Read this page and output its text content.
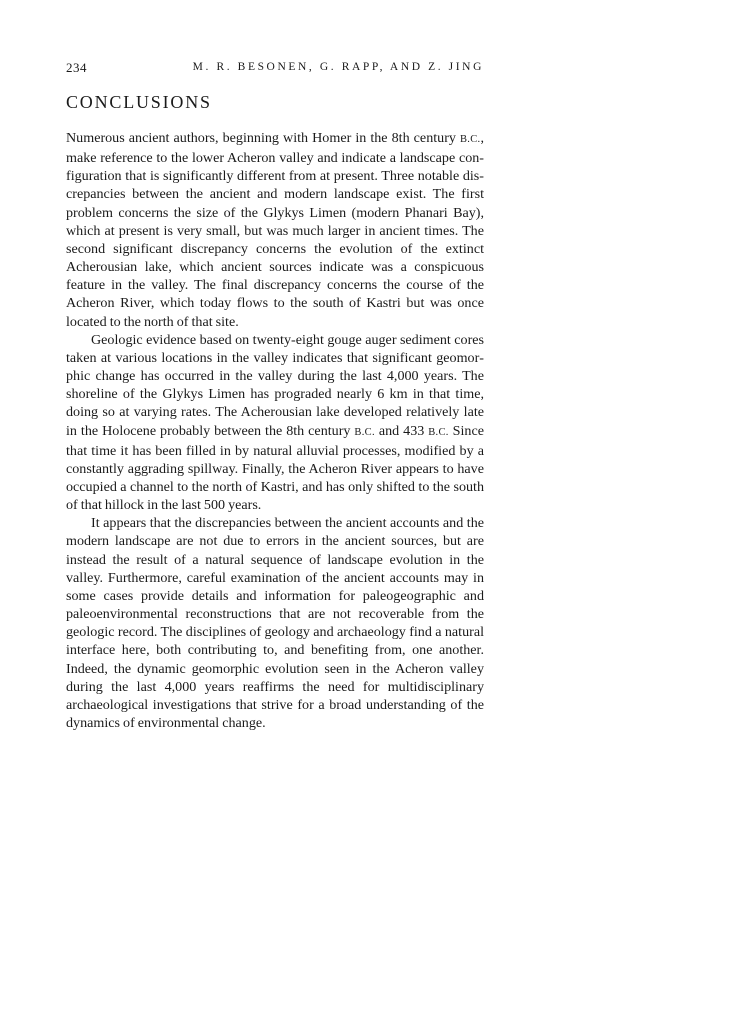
234	M. R. BESONEN, G. RAPP, AND Z. JING
CONCLUSIONS

Numerous ancient authors, beginning with Homer in the 8th century B.C., make reference to the lower Acheron valley and indicate a landscape configuration that is significantly different from at present. Three notable discrepancies between the ancient and modern landscape exist. The first problem concerns the size of the Glykys Limen (modern Phanari Bay), which at present is very small, but was much larger in ancient times. The second significant discrepancy concerns the evolution of the extinct Acherousian lake, which ancient sources indicate was a conspicuous feature in the valley. The final discrepancy concerns the course of the Acheron River, which today flows to the south of Kastri but was once located to the north of that site.

Geologic evidence based on twenty-eight gouge auger sediment cores taken at various locations in the valley indicates that significant geomorphic change has occurred in the valley during the last 4,000 years. The shoreline of the Glykys Limen has prograded nearly 6 km in that time, doing so at varying rates. The Acherousian lake developed relatively late in the Holocene probably between the 8th century B.C. and 433 B.C. Since that time it has been filled in by natural alluvial processes, modified by a constantly aggrading spillway. Finally, the Acheron River appears to have occupied a channel to the north of Kastri, and has only shifted to the south of that hillock in the last 500 years.

It appears that the discrepancies between the ancient accounts and the modern landscape are not due to errors in the ancient sources, but are instead the result of a natural sequence of landscape evolution in the valley. Furthermore, careful examination of the ancient accounts may in some cases provide details and information for paleogeographic and paleoenvironmental reconstructions that are not recoverable from the geologic record. The disciplines of geology and archaeology find a natural interface here, both contributing to, and benefiting from, one another. Indeed, the dynamic geomorphic evolution seen in the Acheron valley during the last 4,000 years reaffirms the need for multidisciplinary archaeological investigations that strive for a broad understanding of the dynamics of environmental change.
